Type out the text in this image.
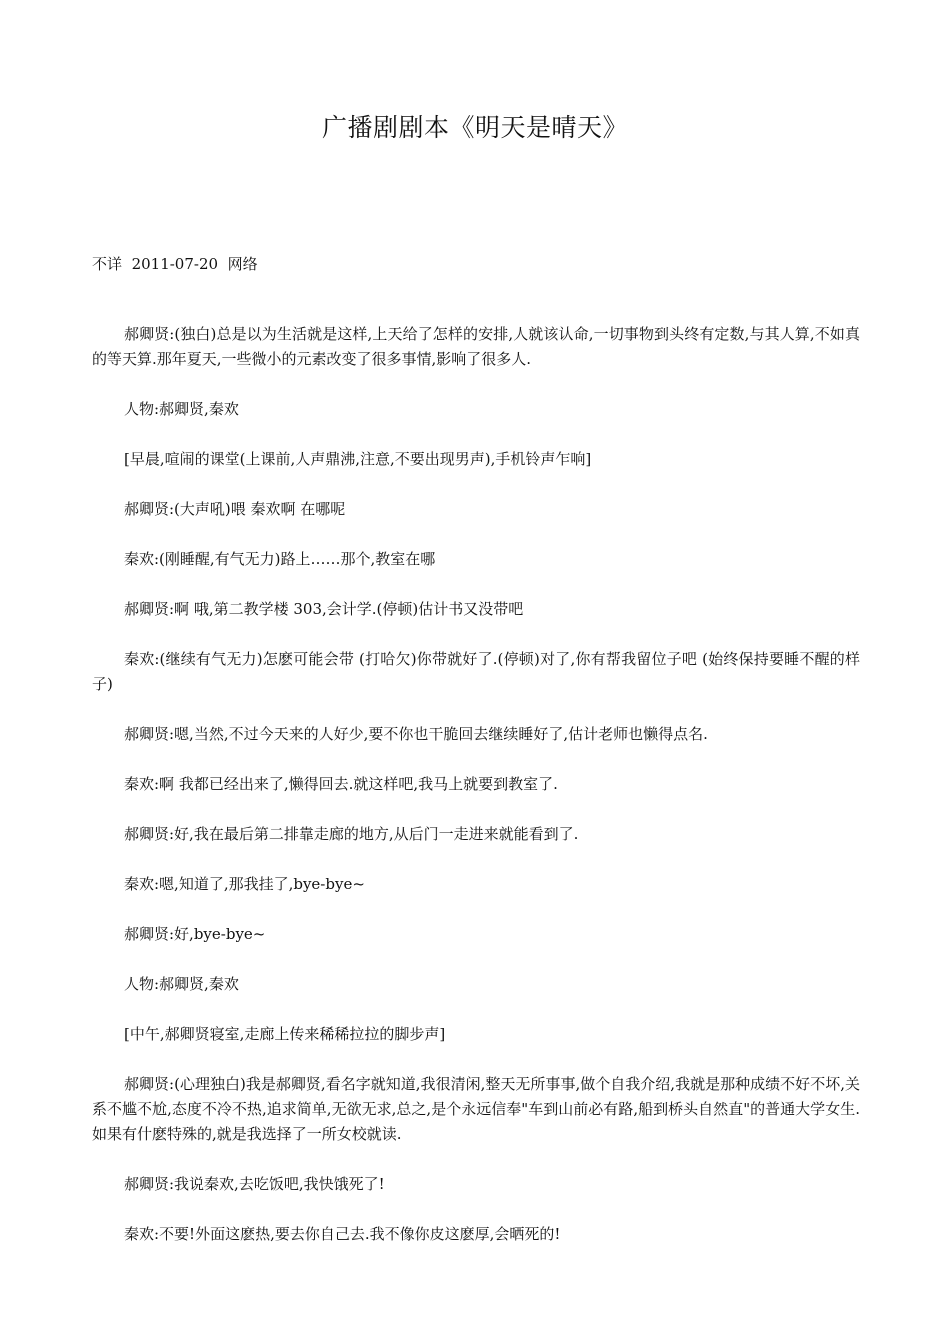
广播剧剧本《明天是晴天》
不详 2011-07-20 网络

郝卿贤:(独白)总是以为生活就是这样,上天给了怎样的安排,人就该认命,一切事物到头终有定数,与其人算,不如真的等天算.那年夏天,一些微小的元素改变了很多事情,影响了很多人.

人物:郝卿贤,秦欢

[早晨,喧闹的课堂(上课前,人声鼎沸,注意,不要出现男声),手机铃声乍响]

郝卿贤:(大声吼)喂 秦欢啊 在哪呢

秦欢:(刚睡醒,有气无力)路上……那个,教室在哪

郝卿贤:啊 哦,第二教学楼 303,会计学.(停顿)估计书又没带吧

秦欢:(继续有气无力)怎麽可能会带 (打哈欠)你带就好了.(停顿)对了,你有帮我留位子吧 (始终保持要睡不醒的样子)

郝卿贤:嗯,当然,不过今天来的人好少,要不你也干脆回去继续睡好了,估计老师也懒得点名.

秦欢:啊 我都已经出来了,懒得回去.就这样吧,我马上就要到教室了.

郝卿贤:好,我在最后第二排靠走廊的地方,从后门一走进来就能看到了.

秦欢:嗯,知道了,那我挂了,bye-bye~

郝卿贤:好,bye-bye~

人物:郝卿贤,秦欢

[中午,郝卿贤寝室,走廊上传来稀稀拉拉的脚步声]

郝卿贤:(心理独白)我是郝卿贤,看名字就知道,我很清闲,整天无所事事,做个自我介绍,我就是那种成绩不好不坏,关系不尴不尬,态度不冷不热,追求简单,无欲无求,总之,是个永远信奉"车到山前必有路,船到桥头自然直"的普通大学女生.如果有什麽特殊的,就是我选择了一所女校就读.

郝卿贤:我说秦欢,去吃饭吧,我快饿死了!

秦欢:不要!外面这麽热,要去你自己去.我不像你皮这麽厚,会晒死的!
